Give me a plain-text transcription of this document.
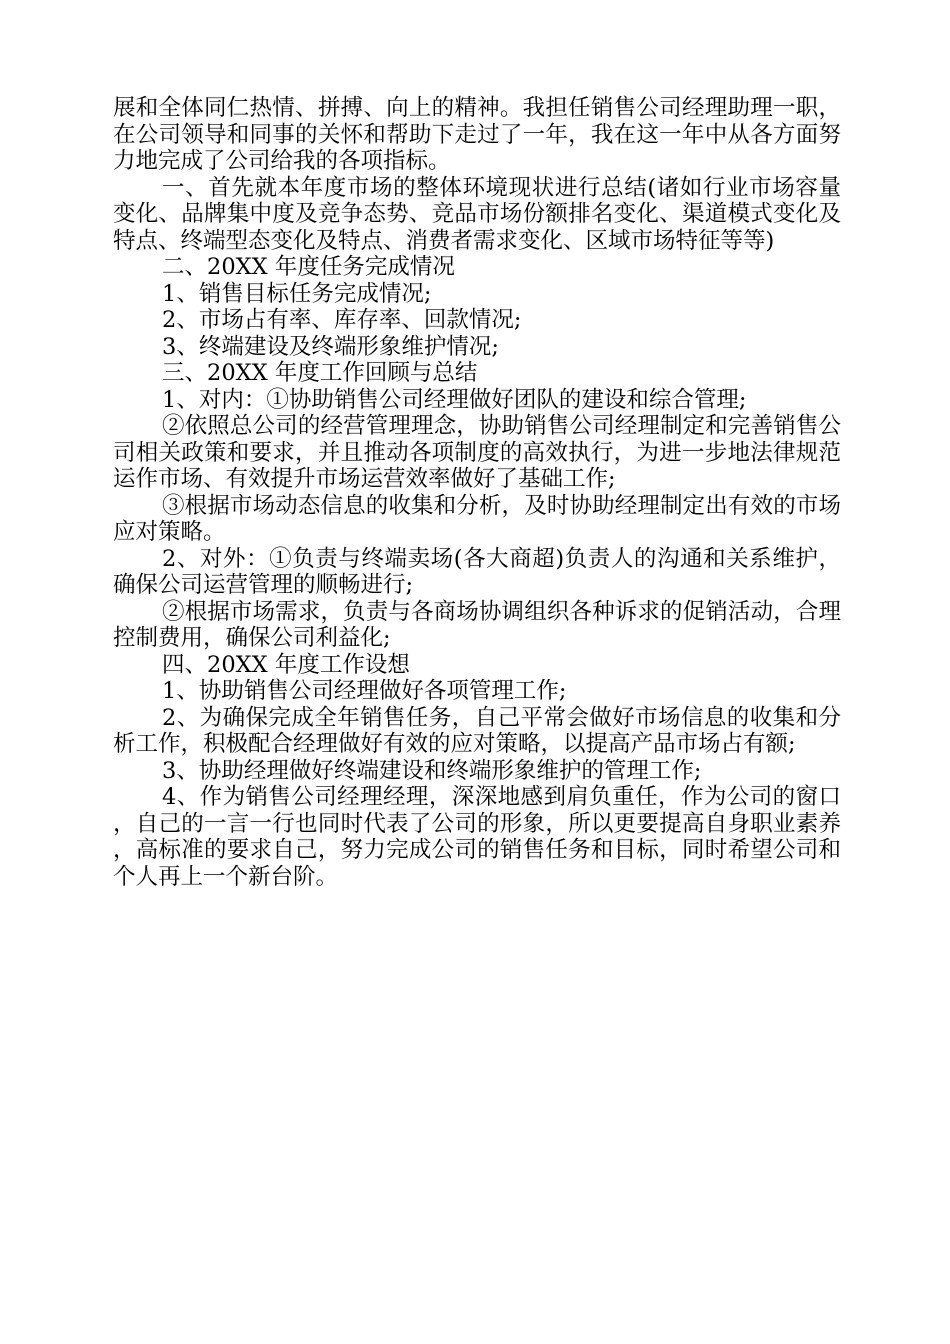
展和全体同仁热情、拼搏、向上的精神。我担任销售公司经理助理一职，在公司领导和同事的关怀和帮助下走过了一年，我在这一年中从各方面努力地完成了公司给我的各项指标。

一、首先就本年度市场的整体环境现状进行总结(诸如行业市场容量变化、品牌集中度及竞争态势、竞品市场份额排名变化、渠道模式变化及特点、终端型态变化及特点、消费者需求变化、区域市场特征等等)

二、20XX 年度任务完成情况

1、销售目标任务完成情况;

2、市场占有率、库存率、回款情况;

3、终端建设及终端形象维护情况;

三、20XX 年度工作回顾与总结

1、对内：①协助销售公司经理做好团队的建设和综合管理;

②依照总公司的经营管理理念，协助销售公司经理制定和完善销售公司相关政策和要求，并且推动各项制度的高效执行，为进一步地法律规范运作市场、有效提升市场运营效率做好了基础工作;

③根据市场动态信息的收集和分析，及时协助经理制定出有效的市场应对策略。

2、对外：①负责与终端卖场(各大商超)负责人的沟通和关系维护，确保公司运营管理的顺畅进行;

②根据市场需求，负责与各商场协调组织各种诉求的促销活动，合理控制费用，确保公司利益化;

四、20XX 年度工作设想

1、协助销售公司经理做好各项管理工作;

2、为确保完成全年销售任务，自己平常会做好市场信息的收集和分析工作，积极配合经理做好有效的应对策略，以提高产品市场占有额;

3、协助经理做好终端建设和终端形象维护的管理工作;

4、作为销售公司经理经理，深深地感到肩负重任，作为公司的窗口，自己的一言一行也同时代表了公司的形象，所以更要提高自身职业素养，高标准的要求自己，努力完成公司的销售任务和目标，同时希望公司和个人再上一个新台阶。
